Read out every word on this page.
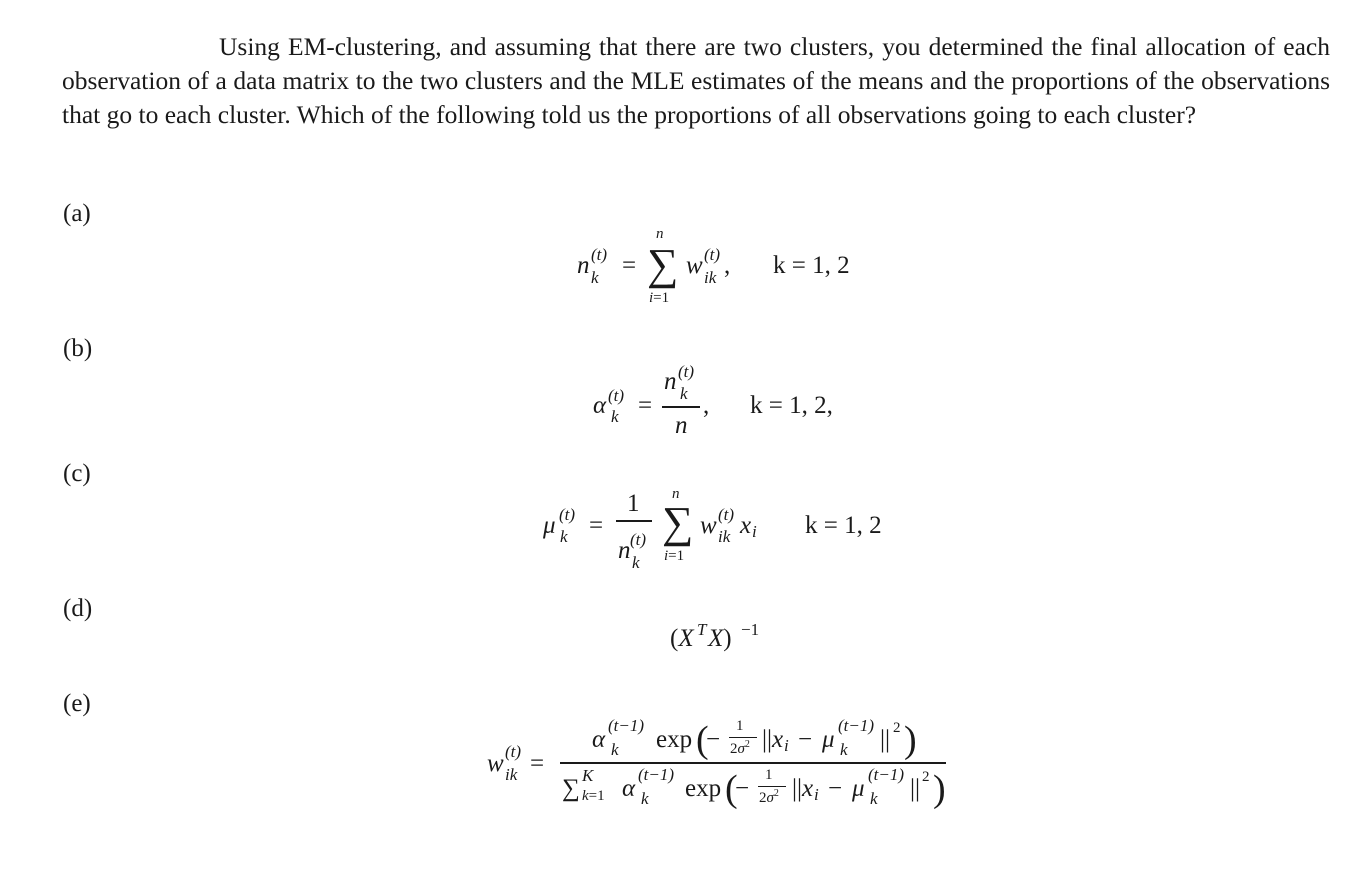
Using EM-clustering, and assuming that there are two clusters, you determined the final allocation of each observation of a data matrix to the two clusters and the MLE estimates of the means and the proportions of the observations that go to each cluster. Which of the following told us the proportions of all observations going to each cluster?

(a)
n (t)
k =
n
∑
i=1
w (t)
ik , k = 1, 2
(b)
α (t)
k =
n (t)
k
n
, k = 1, 2,
(c)
μ (t)
k =
1
n (t)
k
n
∑
i=1
w (t)
ik x i k = 1, 2
(d)
(X T X) −1
(e)
w (t)
ik =
α
(t−1)
k exp (
− 1
$2\sigma^2$ ||x i − μ
(t−1)
k || 2 )
∑ K
k=1 α
(t−1)
k exp (
− 1
$2\sigma^2$ ||x i − μ
(t−1)
k || 2 )
